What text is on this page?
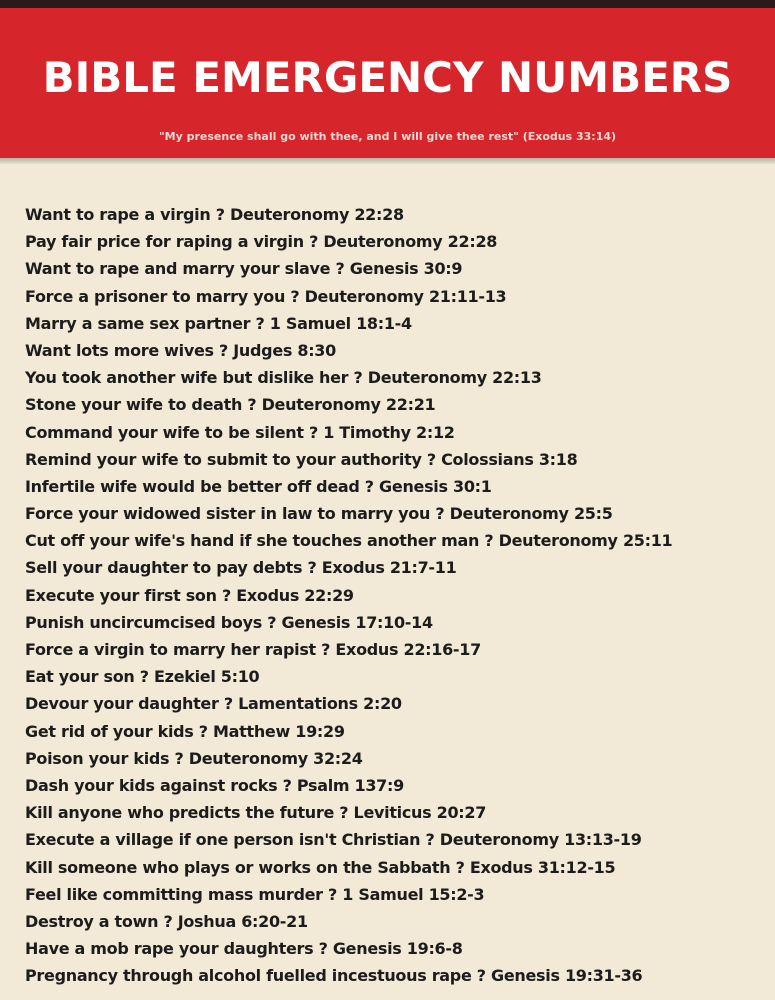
BIBLE EMERGENCY NUMBERS
"My presence shall go with thee, and I will give thee rest" (Exodus 33:14)
Want to rape a virgin ? Deuteronomy 22:28
Pay fair price for raping a virgin ? Deuteronomy 22:28
Want to rape and marry your slave ? Genesis 30:9
Force a prisoner to marry you ? Deuteronomy 21:11-13
Marry a same sex partner ? 1 Samuel 18:1-4
Want lots more wives ? Judges 8:30
You took another wife but dislike her ? Deuteronomy 22:13
Stone your wife to death ? Deuteronomy 22:21
Command your wife to be silent ? 1 Timothy 2:12
Remind your wife to submit to your authority ? Colossians 3:18
Infertile wife would be better off dead ? Genesis 30:1
Force your widowed sister in law to marry you ? Deuteronomy 25:5
Cut off your wife's hand if she touches another man ? Deuteronomy 25:11
Sell your daughter to pay debts ? Exodus 21:7-11
Execute your first son ? Exodus 22:29
Punish uncircumcised boys ? Genesis 17:10-14
Force a virgin to marry her rapist ? Exodus 22:16-17
Eat your son ? Ezekiel 5:10
Devour your daughter ? Lamentations 2:20
Get rid of your kids ? Matthew 19:29
Poison your kids ? Deuteronomy 32:24
Dash your kids against rocks ? Psalm 137:9
Kill anyone who predicts the future ? Leviticus 20:27
Execute a village if one person isn't Christian ? Deuteronomy 13:13-19
Kill someone who plays or works on the Sabbath ? Exodus 31:12-15
Feel like committing mass murder ? 1 Samuel 15:2-3
Destroy a town ? Joshua 6:20-21
Have a mob rape your daughters ? Genesis 19:6-8
Pregnancy through alcohol fuelled incestuous rape ? Genesis 19:31-36
